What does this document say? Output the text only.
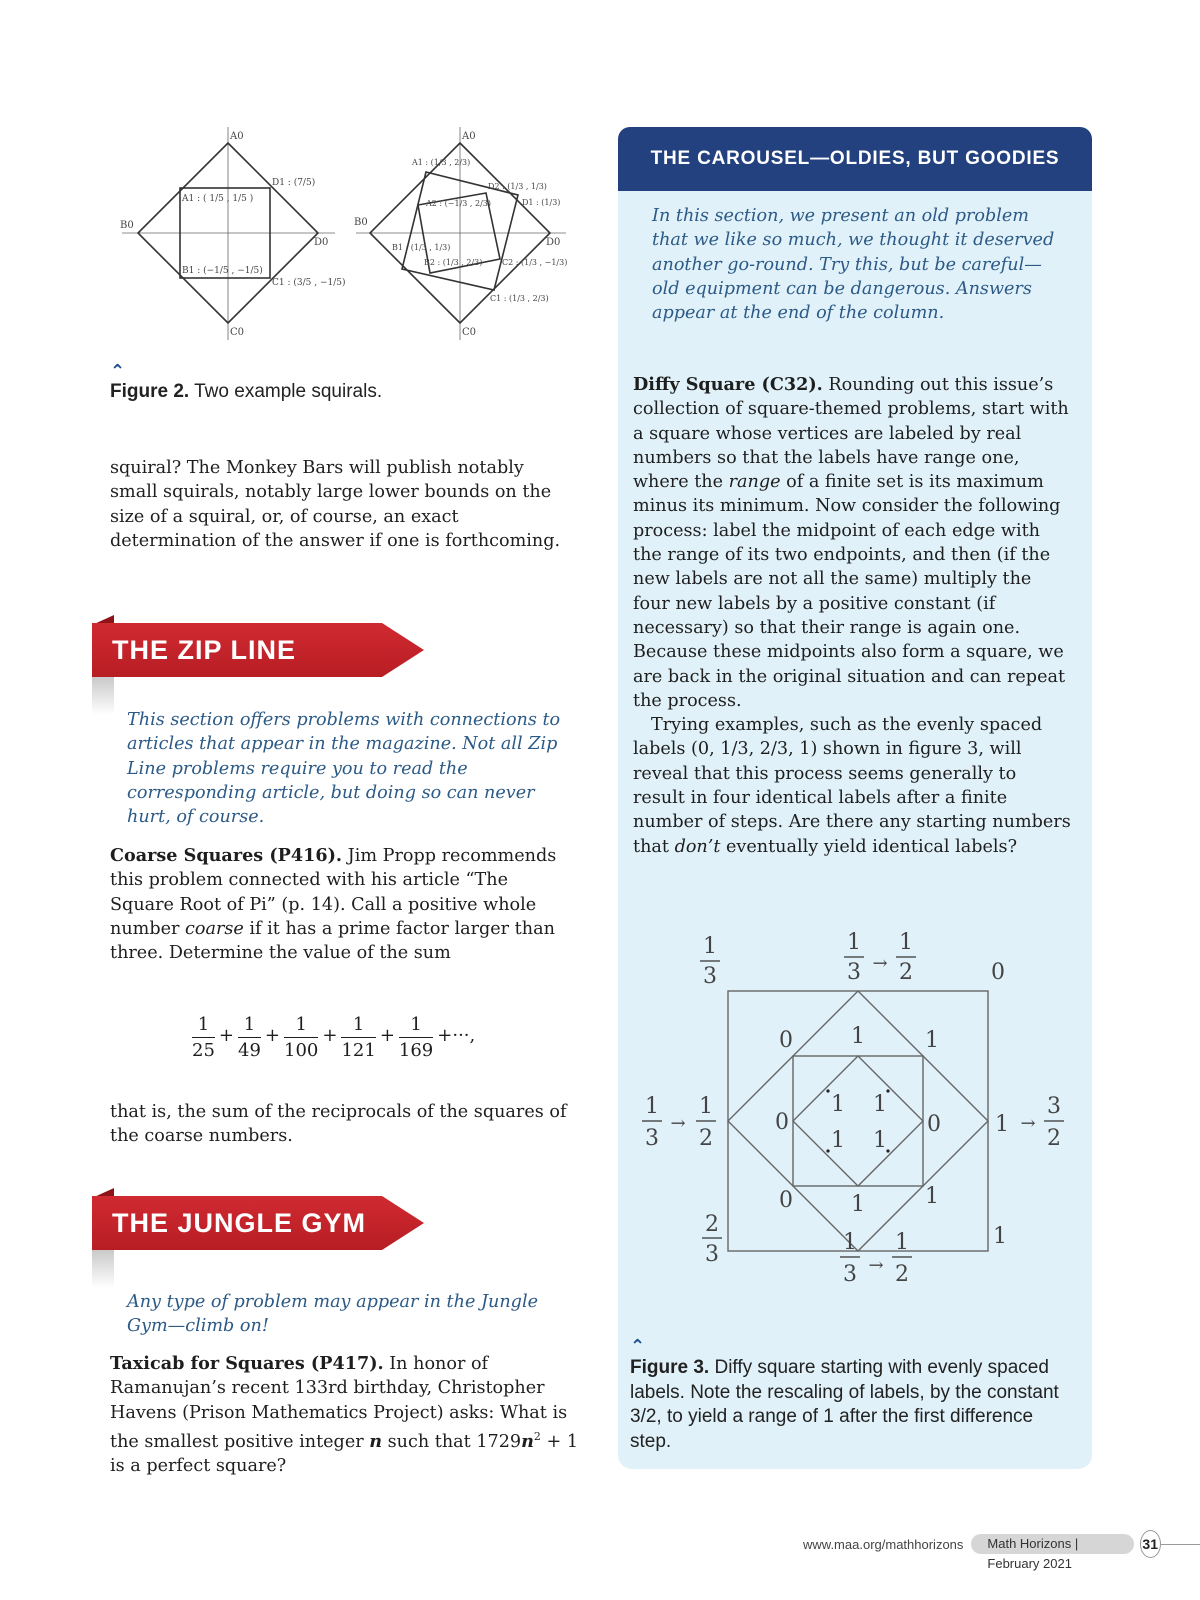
A0
B0
C0
D0
A1 : ( 1/5 , 1/5 )
B1 : (−1/5 , −1/5)
C1 : (3/5 , −1/5)
D1 : (7/5)
A0
B0
C0
D0
A1 : (1/3 , 2/3)
A2 : (−1/3 , 2/3)
B1 : (1/3 , 1/3)
B2 : (1/3 , 2/3)
C1 : (1/3 , 2/3)
C2 : (1/3 , −1/3)
D1 : (1/3)
D2 : (1/3 , 1/3)
⌃
Figure 2. Two example squirals.
squiral? The Monkey Bars will publish notably small squirals, notably large lower bounds on the size of a squiral, or, of course, an exact determination of the answer if one is forthcoming.
THE ZIP LINE
This section offers problems with connections to articles that appear in the magazine. Not all Zip Line problems require you to read the corresponding article, but doing so can never hurt, of course.
Coarse Squares (P416). Jim Propp recommends this problem connected with his article “The Square Root of Pi” (p. 14). Call a positive whole number coarse if it has a prime factor larger than three. Determine the value of the sum
$\frac{1}{25} + \frac{1}{49} + \frac{1}{100} + \frac{1}{121} + \frac{1}{169}$ +···,
that is, the sum of the reciprocals of the squares of the coarse numbers.
THE JUNGLE GYM
Any type of problem may appear in the Jungle Gym—climb on!
Taxicab for Squares (P417). In honor of Ramanujan’s recent 133rd birthday, Christopher Havens (Prison Mathematics Project) asks: What is the smallest positive integer n such that $1729n^2 + 1$ is a perfect square?
THE CAROUSEL—OLDIES, BUT GOODIES
In this section, we present an old problem that we like so much, we thought it deserved another go-round. Try this, but be careful—old equipment can be dangerous. Answers appear at the end of the column.

Diffy Square (C32). Rounding out this issue’s collection of square-themed problems, start with a square whose vertices are labeled by real numbers so that the labels have range one, where the range of a finite set is its maximum minus its minimum. Now consider the following process: label the midpoint of each edge with the range of its two endpoints, and then (if the new labels are not all the same) multiply the four new labels by a positive constant (if necessary) so that their range is again one. Because these midpoints also form a square, we are back in the original situation and can repeat the process.

Trying examples, such as the evenly spaced labels (0, 1/3, 2/3, 1) shown in figure 3, will reveal that this process seems generally to result in four identical labels after a finite number of steps. Are there any starting numbers that don’t eventually yield identical labels?

1
3
1
3 →
1
2	0
0	1	1
0	1	1
0	0
1 1
1 1
1
3
→
1
2
1 →
3
2
2
3
1
1
3 →
1
2
⌃
Figure 3. Diffy square starting with evenly spaced labels. Note the rescaling of labels, by the constant 3/2, to yield a range of 1 after the first difference step.
www.maa.org/mathhorizons	Math Horizons | February 2021
31
